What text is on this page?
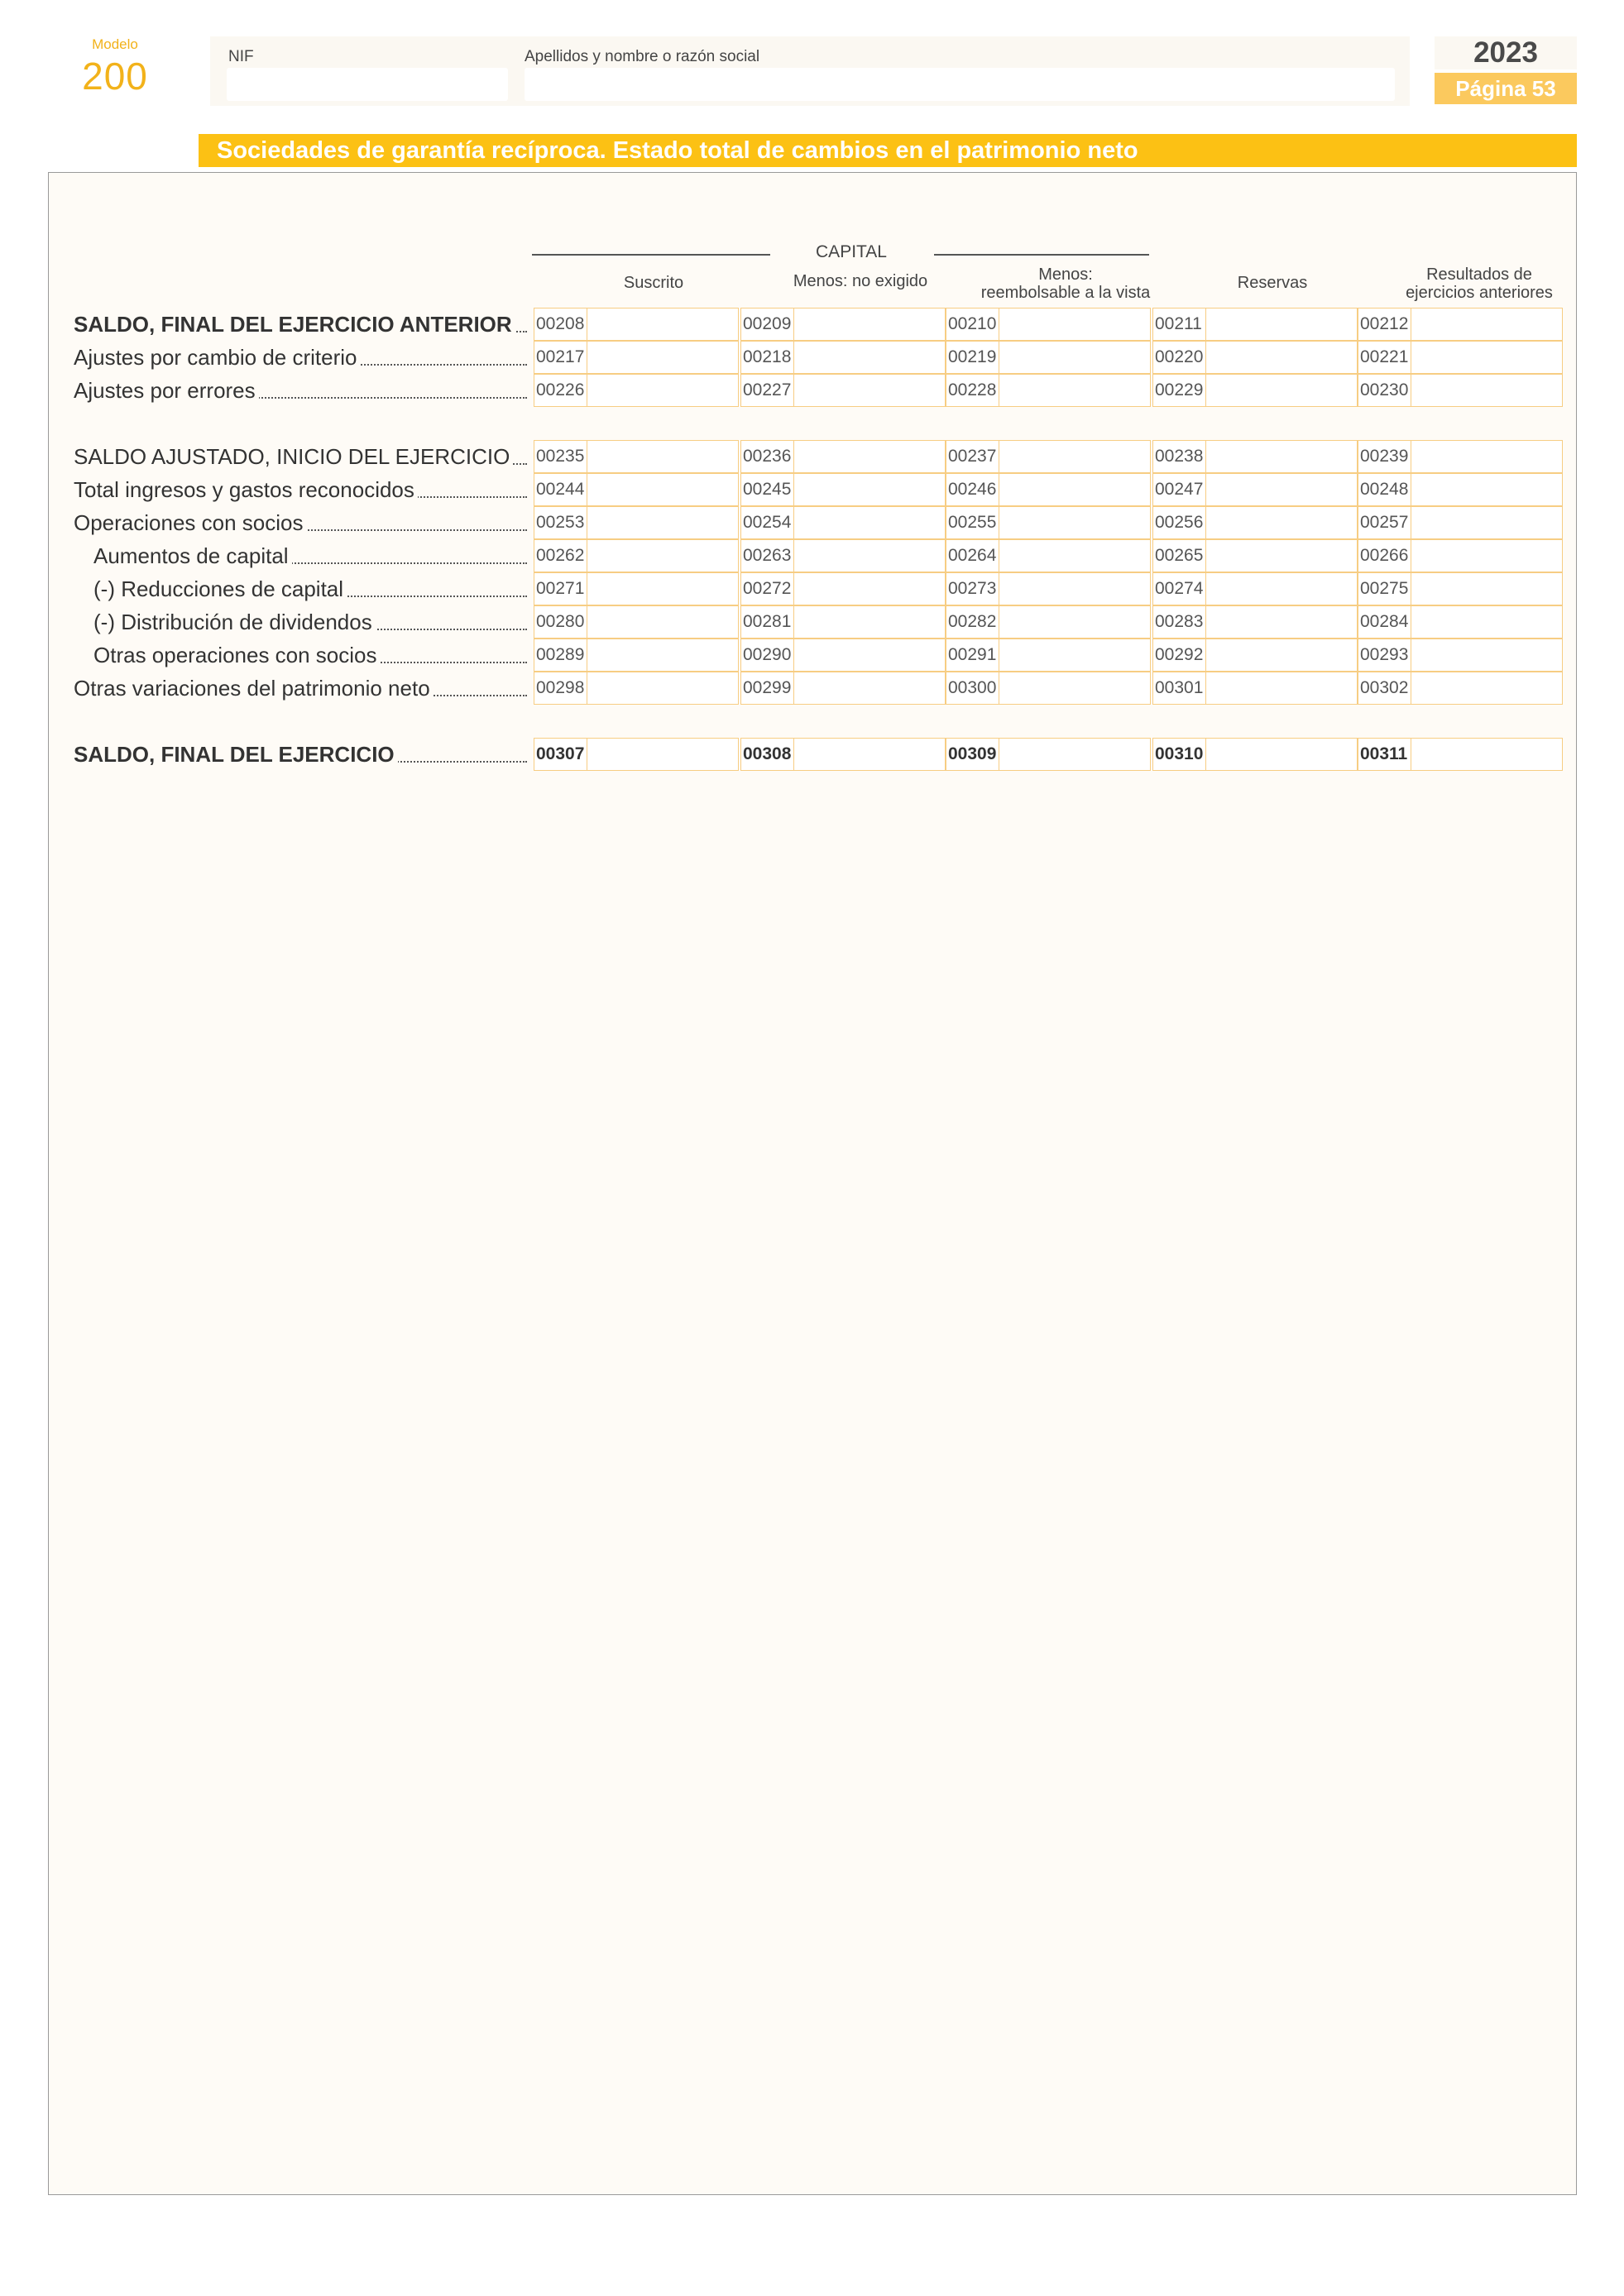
Modelo
200	NIF	Apellidos y nombre o razón social	2023
Página 53
Sociedades de garantía recíproca. Estado total de cambios en el patrimonio neto
CAPITAL
Suscrito	Menos: no exigido	Menos:
reembolsable a la vista
Reservas	Resultados de
ejercicios anteriores
SALDO, FINAL DEL EJERCICIO ANTERIOR	00208	00209	00210	00211	00212
Ajustes por cambio de criterio	00217	00218	00219	00220	00221
Ajustes por errores	00226	00227	00228	00229	00230
SALDO AJUSTADO, INICIO DEL EJERCICIO	00235	00236	00237	00238	00239
Total ingresos y gastos reconocidos	00244	00245	00246	00247	00248
Operaciones con socios	00253	00254	00255	00256	00257
Aumentos de capital	00262	00263	00264	00265	00266
(-) Reducciones de capital	00271	00272	00273	00274	00275
(-) Distribución de dividendos	00280	00281	00282	00283	00284
Otras operaciones con socios	00289	00290	00291	00292	00293
Otras variaciones del patrimonio neto	00298	00299	00300	00301	00302
SALDO, FINAL DEL EJERCICIO	00307	00308	00309	00310	00311
